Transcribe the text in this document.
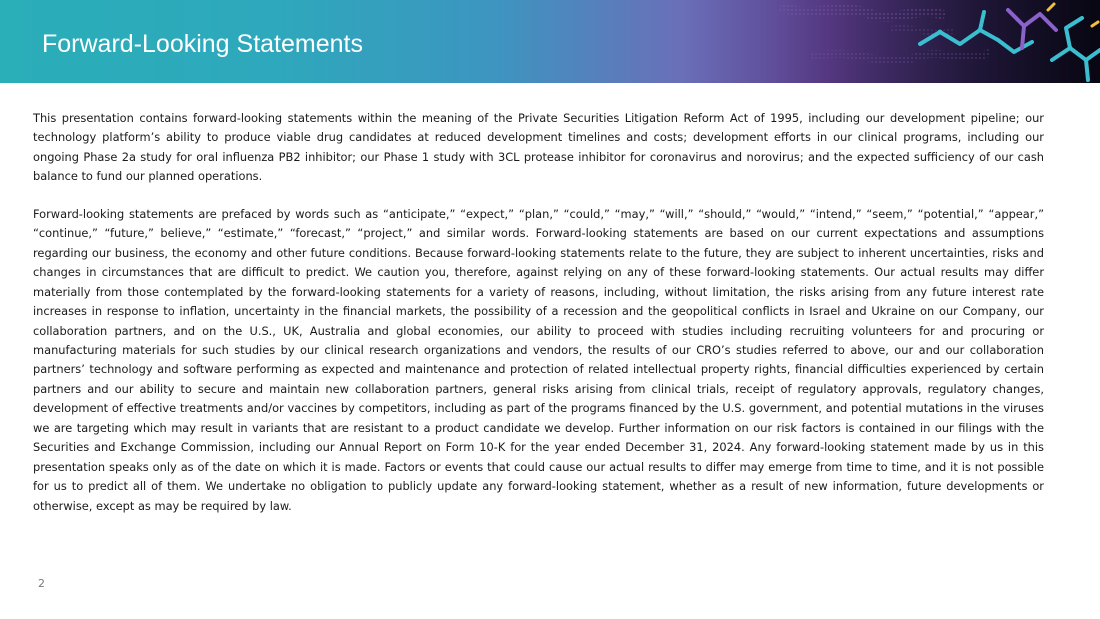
Forward-Looking Statements

This presentation contains forward-looking statements within the meaning of the Private Securities Litigation Reform Act of 1995, including our development pipeline; our technology platform’s ability to produce viable drug candidates at reduced development timelines and costs; development efforts in our clinical programs, including our ongoing Phase 2a study for oral influenza PB2 inhibitor; our Phase 1 study with 3CL protease inhibitor for coronavirus and norovirus; and the expected sufficiency of our cash balance to fund our planned operations.

Forward-looking statements are prefaced by words such as “anticipate,” “expect,” “plan,” “could,” “may,” “will,” “should,” “would,” “intend,” “seem,” “potential,” “appear,” “continue,” “future,” believe,” “estimate,” “forecast,” “project,” and similar words. Forward-looking statements are based on our current expectations and assumptions regarding our business, the economy and other future conditions. Because forward-looking statements relate to the future, they are subject to inherent uncertainties, risks and changes in circumstances that are difficult to predict. We caution you, therefore, against relying on any of these forward-looking statements. Our actual results may differ materially from those contemplated by the forward-looking statements for a variety of reasons, including, without limitation, the risks arising from any future interest rate increases in response to inflation, uncertainty in the financial markets, the possibility of a recession and the geopolitical conflicts in Israel and Ukraine on our Company, our collaboration partners, and on the U.S., UK, Australia and global economies, our ability to proceed with studies including recruiting volunteers for and procuring or manufacturing materials for such studies by our clinical research organizations and vendors, the results of our CRO’s studies referred to above, our and our collaboration partners’ technology and software performing as expected and maintenance and protection of related intellectual property rights, financial difficulties experienced by certain partners and our ability to secure and maintain new collaboration partners, general risks arising from clinical trials, receipt of regulatory approvals, regulatory changes, development of effective treatments and/or vaccines by competitors, including as part of the programs financed by the U.S. government, and potential mutations in the viruses we are targeting which may result in variants that are resistant to a product candidate we develop. Further information on our risk factors is contained in our filings with the Securities and Exchange Commission, including our Annual Report on Form 10-K for the year ended December 31, 2024. Any forward-looking statement made by us in this presentation speaks only as of the date on which it is made. Factors or events that could cause our actual results to differ may emerge from time to time, and it is not possible for us to predict all of them. We undertake no obligation to publicly update any forward-looking statement, whether as a result of new information, future developments or otherwise, except as may be required by law.

2
